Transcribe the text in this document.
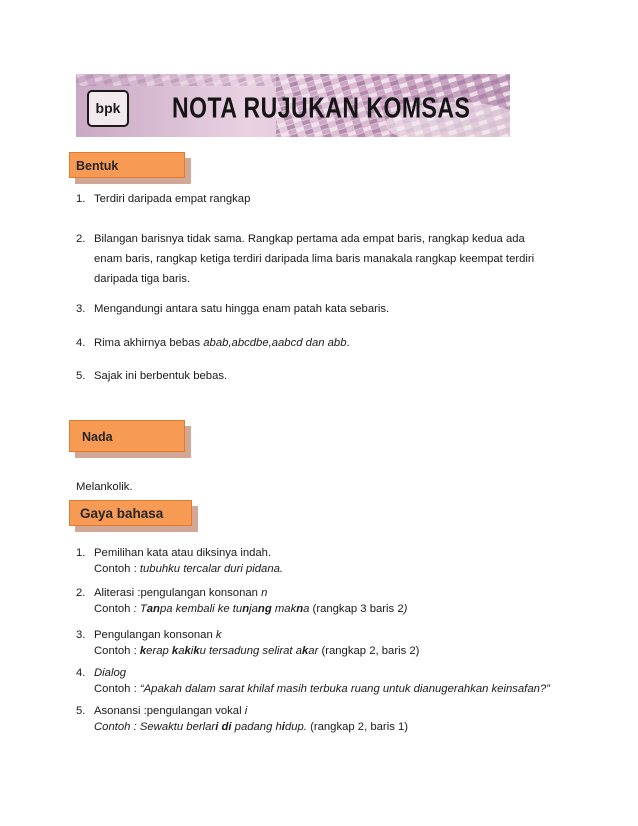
bpk NOTA RUJUKAN KOMSAS
Bentuk
1. Terdiri daripada empat rangkap
2. Bilangan barisnya tidak sama. Rangkap pertama ada empat baris, rangkap kedua ada
enam baris, rangkap ketiga terdiri daripada lima baris manakala rangkap keempat terdiri
daripada tiga baris.
3. Mengandungi antara satu hingga enam patah kata sebaris.
4. Rima akhirnya bebas abab,abcdbe,aabcd dan abb.
5. Sajak ini berbentuk bebas.
Nada
Melankolik.
Gaya bahasa
1. Pemilihan kata atau diksinya indah.
Contoh : tubuhku tercalar duri pidana.
2. Aliterasi :pengulangan konsonan n
Contoh : Tanpa kembali ke tunjang makna (rangkap 3 baris 2)
3. Pengulangan konsonan k
Contoh : kerap kakiku tersadung selirat akar (rangkap 2, baris 2)
4. Dialog
Contoh : “Apakah dalam sarat khilaf masih terbuka ruang untuk dianugerahkan keinsafan?”
5. Asonansi :pengulangan vokal i
Contoh : Sewaktu berlari di padang hidup. (rangkap 2, baris 1)
